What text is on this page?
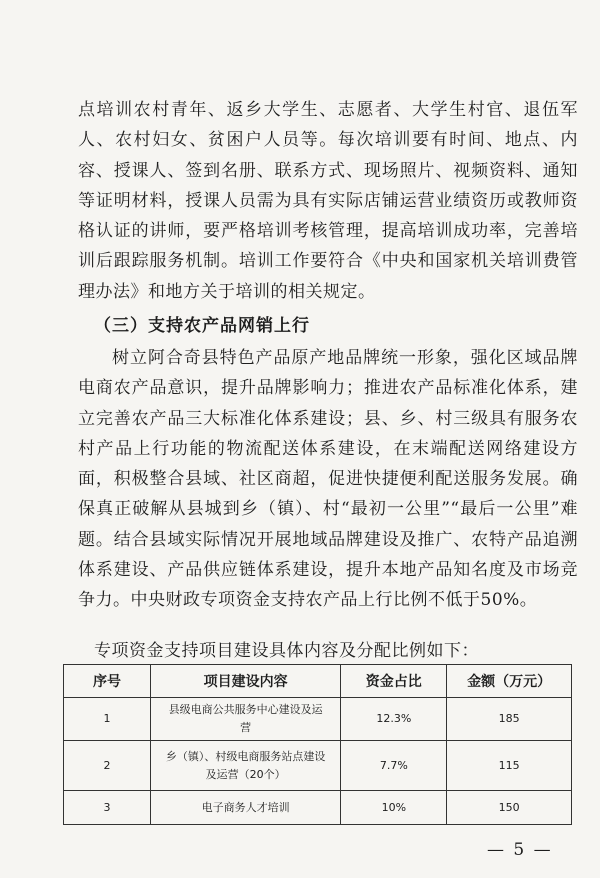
点培训农村青年、返乡大学生、志愿者、大学生村官、退伍军人、农村妇女、贫困户人员等。每次培训要有时间、地点、内容、授课人、签到名册、联系方式、现场照片、视频资料、通知等证明材料，授课人员需为具有实际店铺运营业绩资历或教师资格认证的讲师，要严格培训考核管理，提高培训成功率，完善培训后跟踪服务机制。培训工作要符合《中央和国家机关培训费管理办法》和地方关于培训的相关规定。
（三）支持农产品网销上行
树立阿合奇县特色产品原产地品牌统一形象，强化区域品牌电商农产品意识，提升品牌影响力；推进农产品标准化体系，建立完善农产品三大标准化体系建设；县、乡、村三级具有服务农村产品上行功能的物流配送体系建设，在末端配送网络建设方面，积极整合县域、社区商超，促进快捷便利配送服务发展。确保真正破解从县城到乡（镇）、村“最初一公里”“最后一公里”难题。结合县域实际情况开展地域品牌建设及推广、农特产品追溯体系建设、产品供应链体系建设，提升本地产品知名度及市场竞争力。中央财政专项资金支持农产品上行比例不低于50%。
专项资金支持项目建设具体内容及分配比例如下：
序号	项目建设内容	资金占比	金额（万元）
1	县级电商公共服务中心建设及运营	12.3%	185
2	乡（镇）、村级电商服务站点建设及运营（20个）	7.7%	115
3	电子商务人才培训	10%	150
— 5 —
